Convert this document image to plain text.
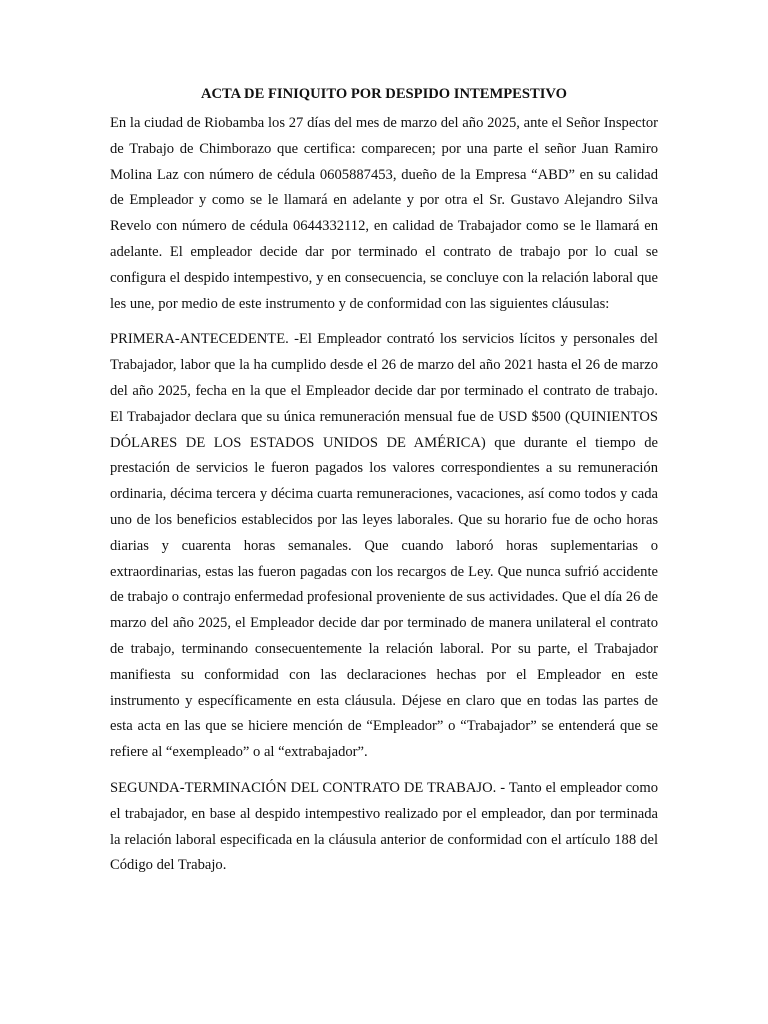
ACTA DE FINIQUITO POR DESPIDO INTEMPESTIVO

En la ciudad de Riobamba los 27 días del mes de marzo del año 2025, ante el Señor Inspector de Trabajo de Chimborazo que certifica: comparecen; por una parte el señor Juan Ramiro Molina Laz con número de cédula 0605887453, dueño de la Empresa “ABD” en su calidad de Empleador y como se le llamará en adelante y por otra el Sr. Gustavo Alejandro Silva Revelo con número de cédula 0644332112, en calidad de Trabajador como se le llamará en adelante. El empleador decide dar por terminado el contrato de trabajo por lo cual se configura el despido intempestivo, y en consecuencia, se concluye con la relación laboral que les une, por medio de este instrumento y de conformidad con las siguientes cláusulas:

PRIMERA-ANTECEDENTE. -El Empleador contrató los servicios lícitos y personales del Trabajador, labor que la ha cumplido desde el 26 de marzo del año 2021 hasta el 26 de marzo del año 2025, fecha en la que el Empleador decide dar por terminado el contrato de trabajo. El Trabajador declara que su única remuneración mensual fue de USD $500 (QUINIENTOS DÓLARES DE LOS ESTADOS UNIDOS DE AMÉRICA) que durante el tiempo de prestación de servicios le fueron pagados los valores correspondientes a su remuneración ordinaria, décima tercera y décima cuarta remuneraciones, vacaciones, así como todos y cada uno de los beneficios establecidos por las leyes laborales. Que su horario fue de ocho horas diarias y cuarenta horas semanales. Que cuando laboró horas suplementarias o extraordinarias, estas las fueron pagadas con los recargos de Ley. Que nunca sufrió accidente de trabajo o contrajo enfermedad profesional proveniente de sus actividades. Que el día 26 de marzo del año 2025, el Empleador decide dar por terminado de manera unilateral el contrato de trabajo, terminando consecuentemente la relación laboral. Por su parte, el Trabajador manifiesta su conformidad con las declaraciones hechas por el Empleador en este instrumento y específicamente en esta cláusula. Déjese en claro que en todas las partes de esta acta en las que se hiciere mención de “Empleador” o “Trabajador” se entenderá que se refiere al “exempleado” o al “extrabajador”.

SEGUNDA-TERMINACIÓN DEL CONTRATO DE TRABAJO. - Tanto el empleador como el trabajador, en base al despido intempestivo realizado por el empleador, dan por terminada la relación laboral especificada en la cláusula anterior de conformidad con el artículo 188 del Código del Trabajo.
